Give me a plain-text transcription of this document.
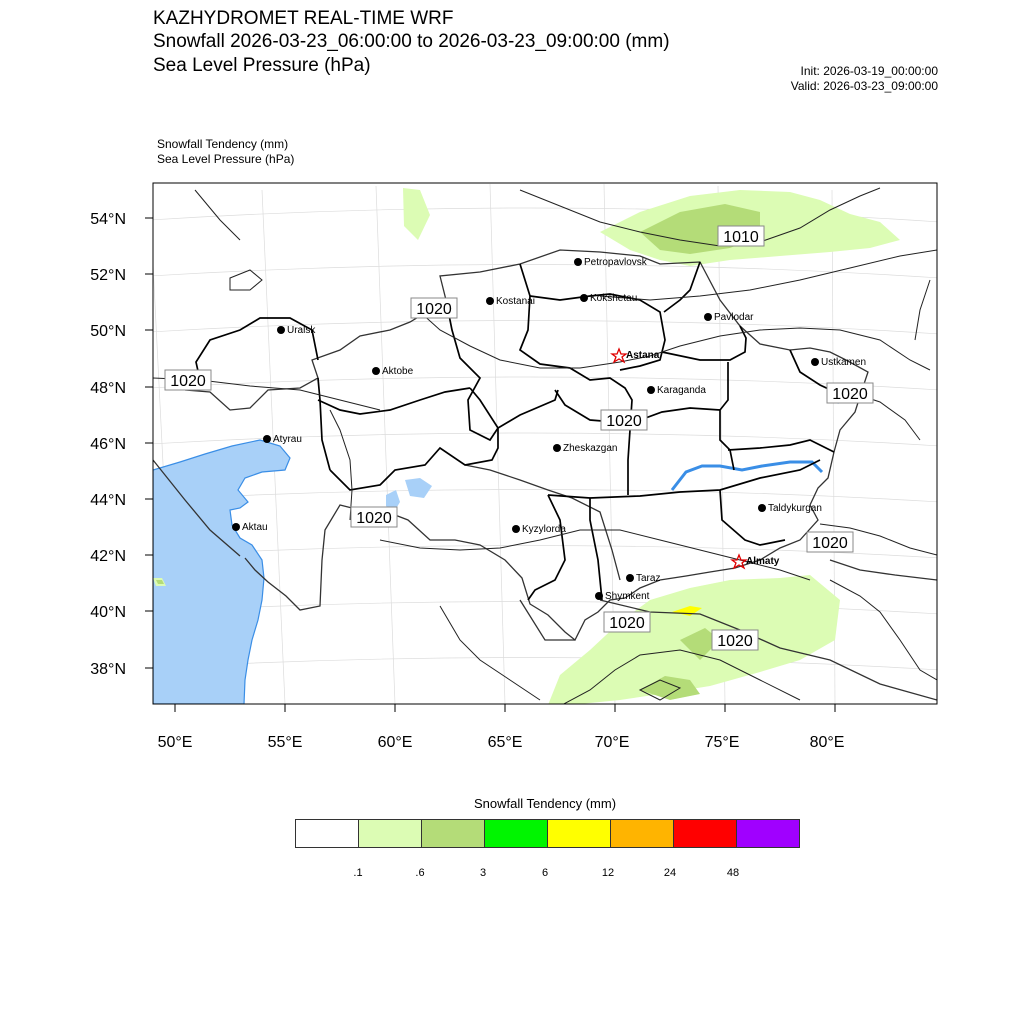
KAZHYDROMET REAL-TIME WRF
Snowfall 2026-03-23_06:00:00 to 2026-03-23_09:00:00 (mm)
Sea Level Pressure (hPa)	Init: 2026-03-19_00:00:00
Valid: 2026-03-23_09:00:00
Snowfall Tendency (mm)
Sea Level Pressure (hPa)
54°N
52°N
50°N
48°N
46°N
44°N
42°N
40°N
38°N
50°E	55°E	60°E	65°E	70°E	75°E	80°E
1010
1020
1020
1020
1020
1020
1020
1020
1020
Petropavlovsk
Kostanai	Kokshetau
Pavlodar
Uralsk
Aktobe
Astana
Ustkamen
Karaganda
Atyrau
Zheskazgan
Aktau	Kyzylorda
Taldykurgan
Almaty
Taraz
Shymkent
Snowfall Tendency (mm)
.1	.6	3	6	12	24	48
